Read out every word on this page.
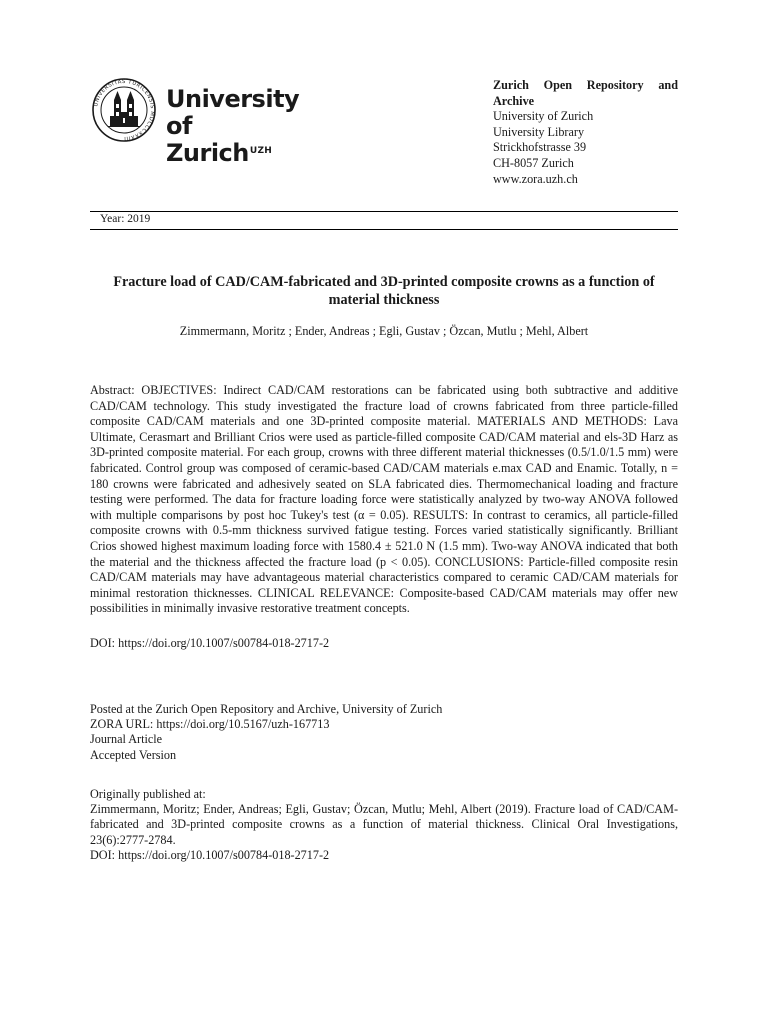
UNIVERSITAS TURICENSIS MDCCCXXXIII
University of
Zurich$^{UZH}$
Zurich Open Repository and Archive
University of Zurich
University Library
Strickhofstrasse 39
CH-8057 Zurich
www.zora.uzh.ch
Year: 2019
Fracture load of CAD/CAM-fabricated and 3D-printed composite crowns as a function of material thickness
Zimmermann, Moritz ; Ender, Andreas ; Egli, Gustav ; Özcan, Mutlu ; Mehl, Albert
Abstract: OBJECTIVES: Indirect CAD/CAM restorations can be fabricated using both subtractive and additive CAD/CAM technology. This study investigated the fracture load of crowns fabricated from three particle-filled composite CAD/CAM materials and one 3D-printed composite material. MATERIALS AND METHODS: Lava Ultimate, Cerasmart and Brilliant Crios were used as particle-filled composite CAD/CAM material and els-3D Harz as 3D-printed composite material. For each group, crowns with three different material thicknesses (0.5/1.0/1.5 mm) were fabricated. Control group was composed of ceramic-based CAD/CAM materials e.max CAD and Enamic. Totally, n = 180 crowns were fabricated and adhesively seated on SLA fabricated dies. Thermomechanical loading and fracture testing were performed. The data for fracture loading force were statistically analyzed by two-way ANOVA followed with multiple comparisons by post hoc Tukey's test (α = 0.05). RESULTS: In contrast to ceramics, all particle-filled composite crowns with 0.5-mm thickness survived fatigue testing. Forces varied statistically significantly. Brilliant Crios showed highest maximum loading force with 1580.4 ± 521.0 N (1.5 mm). Two-way ANOVA indicated that both the material and the thickness affected the fracture load (p < 0.05). CONCLUSIONS: Particle-filled composite resin CAD/CAM materials may have advantageous material characteristics compared to ceramic CAD/CAM materials for minimal restoration thicknesses. CLINICAL RELEVANCE: Composite-based CAD/CAM materials may offer new possibilities in minimally invasive restorative treatment concepts.
DOI: https://doi.org/10.1007/s00784-018-2717-2
Posted at the Zurich Open Repository and Archive, University of Zurich
ZORA URL: https://doi.org/10.5167/uzh-167713
Journal Article
Accepted Version
Originally published at:
Zimmermann, Moritz; Ender, Andreas; Egli, Gustav; Özcan, Mutlu; Mehl, Albert (2019). Fracture load of CAD/CAM-fabricated and 3D-printed composite crowns as a function of material thickness. Clinical Oral Investigations, 23(6):2777-2784.
DOI: https://doi.org/10.1007/s00784-018-2717-2
